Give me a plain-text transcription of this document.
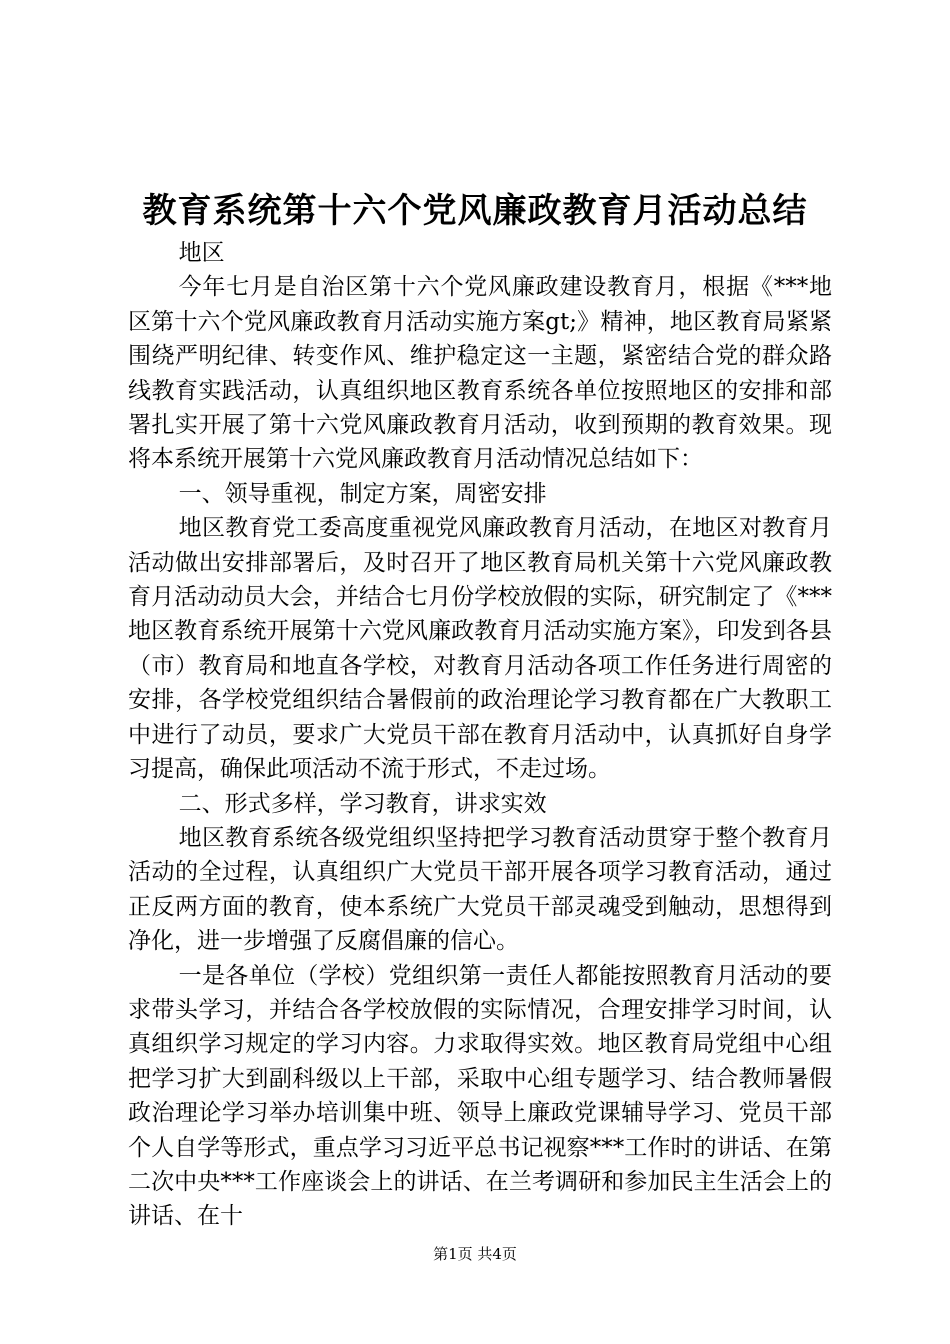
教育系统第十六个党风廉政教育月活动总结

地区

今年七月是自治区第十六个党风廉政建设教育月，根据《***地区第十六个党风廉政教育月活动实施方案gt;》精神，地区教育局紧紧围绕严明纪律、转变作风、维护稳定这一主题，紧密结合党的群众路线教育实践活动，认真组织地区教育系统各单位按照地区的安排和部署扎实开展了第十六党风廉政教育月活动，收到预期的教育效果。现将本系统开展第十六党风廉政教育月活动情况总结如下：

一、领导重视，制定方案，周密安排

地区教育党工委高度重视党风廉政教育月活动，在地区对教育月活动做出安排部署后，及时召开了地区教育局机关第十六党风廉政教育月活动动员大会，并结合七月份学校放假的实际，研究制定了《***地区教育系统开展第十六党风廉政教育月活动实施方案》，印发到各县（市）教育局和地直各学校，对教育月活动各项工作任务进行周密的安排，各学校党组织结合暑假前的政治理论学习教育都在广大教职工中进行了动员，要求广大党员干部在教育月活动中，认真抓好自身学习提高，确保此项活动不流于形式，不走过场。

二、形式多样，学习教育，讲求实效

地区教育系统各级党组织坚持把学习教育活动贯穿于整个教育月活动的全过程，认真组织广大党员干部开展各项学习教育活动，通过正反两方面的教育，使本系统广大党员干部灵魂受到触动，思想得到净化，进一步增强了反腐倡廉的信心。

一是各单位（学校）党组织第一责任人都能按照教育月活动的要求带头学习，并结合各学校放假的实际情况，合理安排学习时间，认真组织学习规定的学习内容。力求取得实效。地区教育局党组中心组把学习扩大到副科级以上干部，采取中心组专题学习、结合教师暑假政治理论学习举办培训集中班、领导上廉政党课辅导学习、党员干部个人自学等形式，重点学习习近平总书记视察***工作时的讲话、在第二次中央***工作座谈会上的讲话、在兰考调研和参加民主生活会上的讲话、在十

第1页 共4页
